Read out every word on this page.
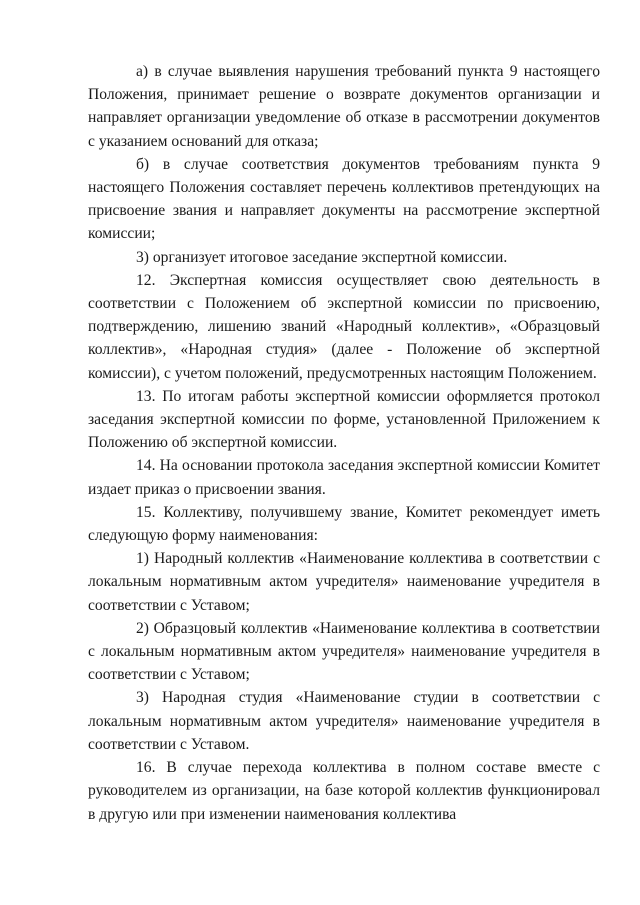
а) в случае выявления нарушения требований пункта 9 настоящего Положения, принимает решение о возврате документов организации и направляет организации уведомление об отказе в рассмотрении документов с указанием оснований для отказа;

б) в случае соответствия документов требованиям пункта 9 настоящего Положения составляет перечень коллективов претендующих на присвоение звания и направляет документы на рассмотрение экспертной комиссии;

3) организует итоговое заседание экспертной комиссии.

12. Экспертная комиссия осуществляет свою деятельность в соответствии с Положением об экспертной комиссии по присвоению, подтверждению, лишению званий «Народный коллектив», «Образцовый коллектив», «Народная студия» (далее - Положение об экспертной комиссии), с учетом положений, предусмотренных настоящим Положением.

13. По итогам работы экспертной комиссии оформляется протокол заседания экспертной комиссии по форме, установленной Приложением к Положению об экспертной комиссии.

14. На основании протокола заседания экспертной комиссии Комитет издает приказ о присвоении звания.

15. Коллективу, получившему звание, Комитет рекомендует иметь следующую форму наименования:

1) Народный коллектив «Наименование коллектива в соответствии с локальным нормативным актом учредителя» наименование учредителя в соответствии с Уставом;

2) Образцовый коллектив «Наименование коллектива в соответствии с локальным нормативным актом учредителя» наименование учредителя в соответствии с Уставом;

3) Народная студия «Наименование студии в соответствии с локальным нормативным актом учредителя» наименование учредителя в соответствии с Уставом.

16. В случае перехода коллектива в полном составе вместе с руководителем из организации, на базе которой коллектив функционировал в другую или при изменении наименования коллектива
